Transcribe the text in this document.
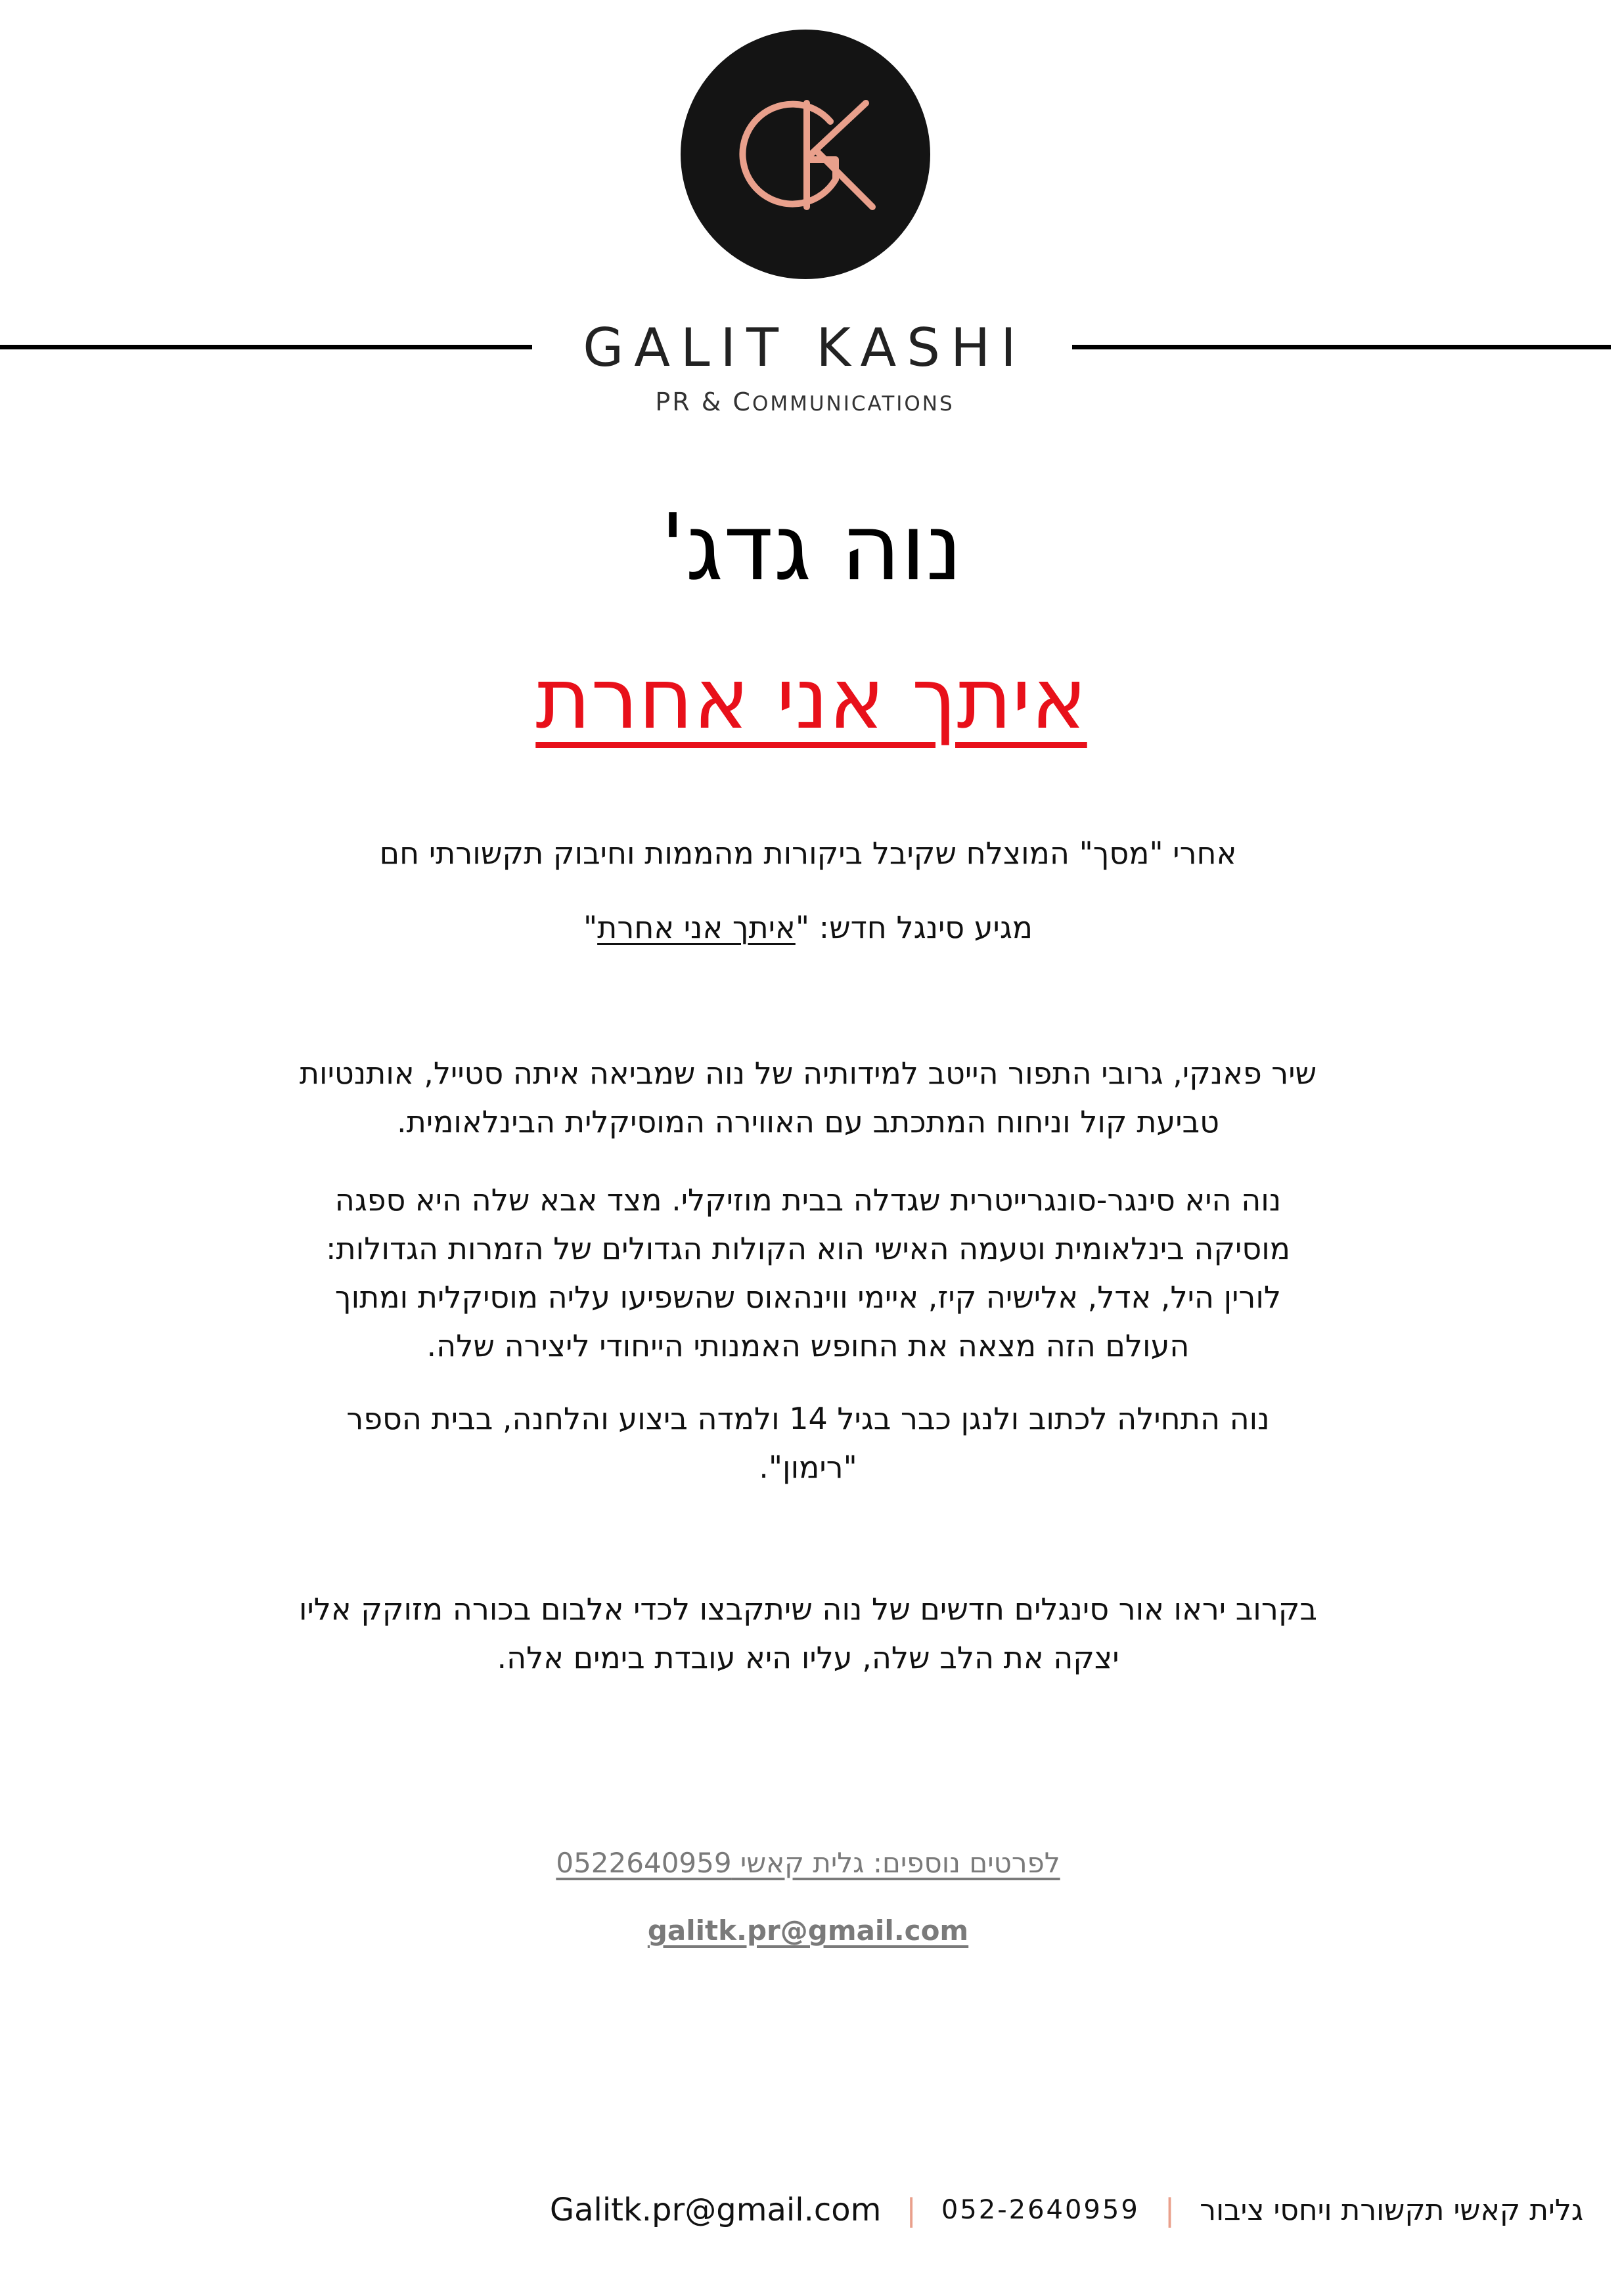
GALIT KASHI
PR & COMMUNICATIONS
נוה גדג'
איתך אני אחרת
אחרי "מסך" המוצלח שקיבל ביקורות מהממות וחיבוק תקשורתי חם
מגיע סינגל חדש: "איתך אני אחרת"
שיר פאנקי, גרובי התפור הייטב למידותיה של נוה שמביאה איתה סטייל, אותנטיות
טביעת קול וניחוח המתכתב עם האווירה המוסיקלית הבינלאומית.
נוה היא סינגר-סונגרייטרית שגדלה בבית מוזיקלי. מצד אבא שלה היא ספגה
מוסיקה בינלאומית וטעמה האישי הוא הקולות הגדולים של הזמרות הגדולות:
לורין היל, אדל, אלישיה קיז, איימי ווינהאוס שהשפיעו עליה מוסיקלית ומתוך
העולם הזה מצאה את החופש האמנותי הייחודי ליצירה שלה.
נוה התחילה לכתוב ולנגן כבר בגיל 14 ולמדה ביצוע והלחנה, בבית הספר
"רימון".
בקרוב יראו אור סינגלים חדשים של נוה שיתקבצו לכדי אלבום בכורה מזוקק אליו
יצקה את הלב שלה, עליו היא עובדת בימים אלה.
לפרטים נוספים: גלית קאשי 0522640959
galitk.pr@gmail.com
גלית קאשי תקשורת ויחסי ציבור
|
052-2640959
|
Galitk.pr@gmail.com
